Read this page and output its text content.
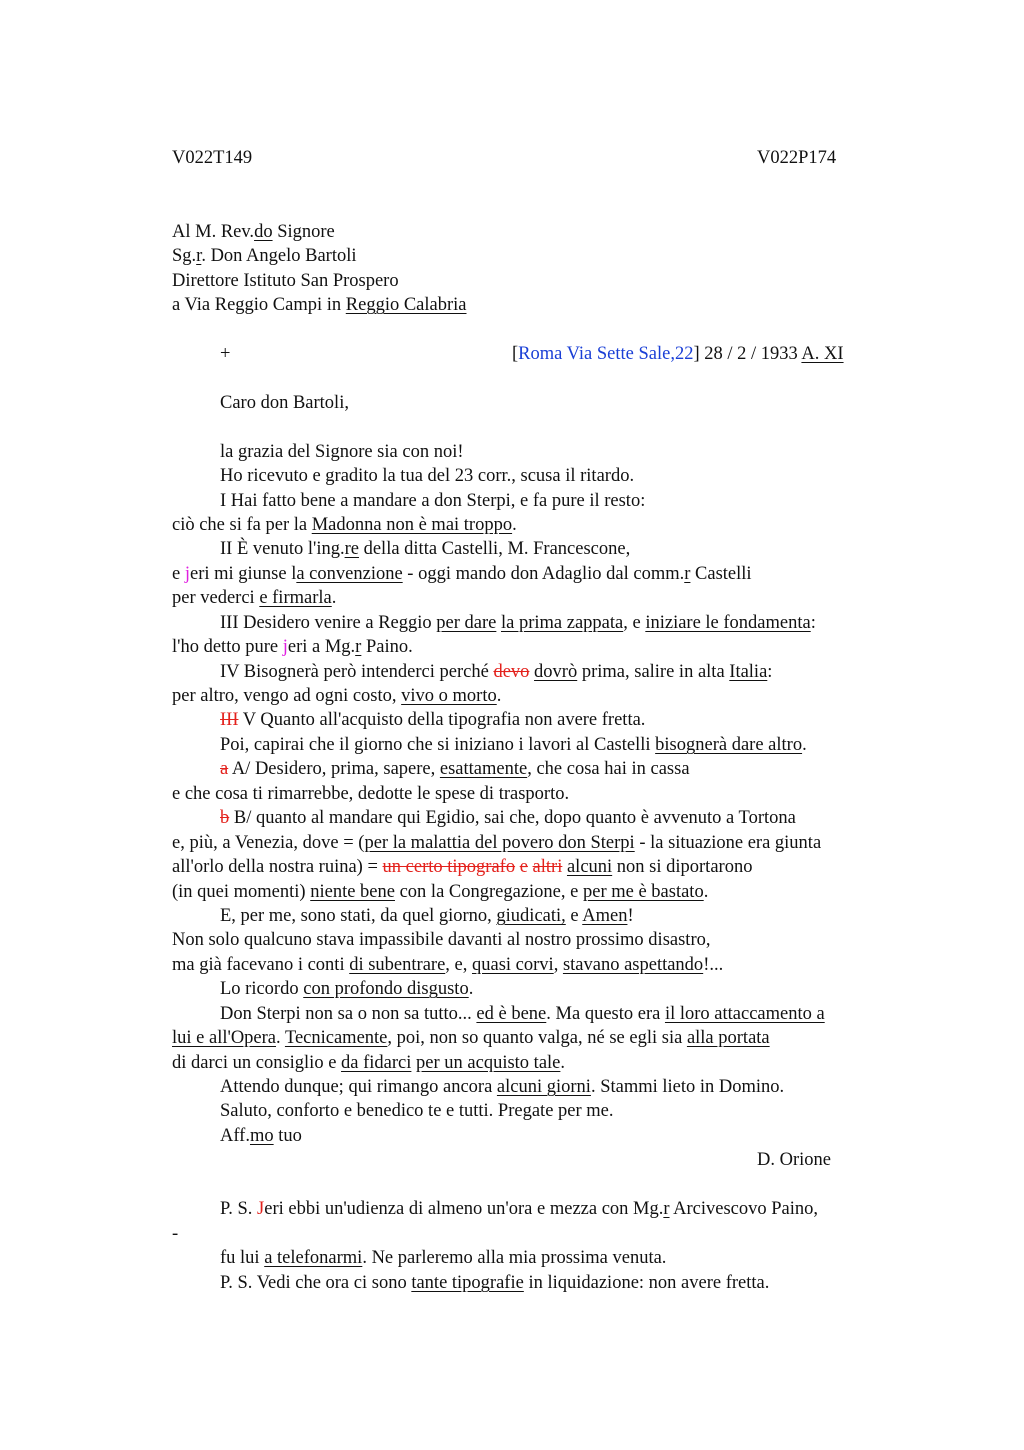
V022T149	V022P174
Al M. Rev.do Signore
Sg.r. Don Angelo Bartoli
Direttore Istituto San Prospero
a Via Reggio Campi in Reggio Calabria
+	[Roma Via Sette Sale,22] 28 / 2 / 1933 A. XI
Caro don Bartoli,
la grazia del Signore sia con noi!
Ho ricevuto e gradito la tua del 23 corr., scusa il ritardo.
I Hai fatto bene a mandare a don Sterpi, e fa pure il resto:
ciò che si fa per la Madonna non è mai troppo.
II È venuto l'ing.re della ditta Castelli, M. Francescone,
e jeri mi giunse la convenzione - oggi mando don Adaglio dal comm.r Castelli
per vederci e firmarla.
III Desidero venire a Reggio per dare la prima zappata, e iniziare le fondamenta:
l'ho detto pure jeri a Mg.r Paino.
IV Bisognerà però intenderci perché devo dovrò prima, salire in alta Italia:
per altro, vengo ad ogni costo, vivo o morto.
III V Quanto all'acquisto della tipografia non avere fretta.
Poi, capirai che il giorno che si iniziano i lavori al Castelli bisognerà dare altro.
a A/ Desidero, prima, sapere, esattamente, che cosa hai in cassa
e che cosa ti rimarrebbe, dedotte le spese di trasporto.
b B/ quanto al mandare qui Egidio, sai che, dopo quanto è avvenuto a Tortona
e, più, a Venezia, dove = (per la malattia del povero don Sterpi - la situazione era giunta
all'orlo della nostra ruina) = un certo tipografo e altri alcuni non si diportarono
(in quei momenti) niente bene con la Congregazione, e per me è bastato.
E, per me, sono stati, da quel giorno, giudicati, e Amen!
Non solo qualcuno stava impassibile davanti al nostro prossimo disastro,
ma già facevano i conti di subentrare, e, quasi corvi, stavano aspettando!...
Lo ricordo con profondo disgusto.
Don Sterpi non sa o non sa tutto... ed è bene. Ma questo era il loro attaccamento a
lui e all'Opera. Tecnicamente, poi, non so quanto valga, né se egli sia alla portata
di darci un consiglio e da fidarci per un acquisto tale.
Attendo dunque; qui rimango ancora alcuni giorni. Stammi lieto in Domino.
Saluto, conforto e benedico te e tutti. Pregate per me.
Aff.mo tuo
D. Orione
P. S. Jeri ebbi un'udienza di almeno un'ora e mezza con Mg.r Arcivescovo Paino,
-
fu lui a telefonarmi. Ne parleremo alla mia prossima venuta.
P. S. Vedi che ora ci sono tante tipografie in liquidazione: non avere fretta.
